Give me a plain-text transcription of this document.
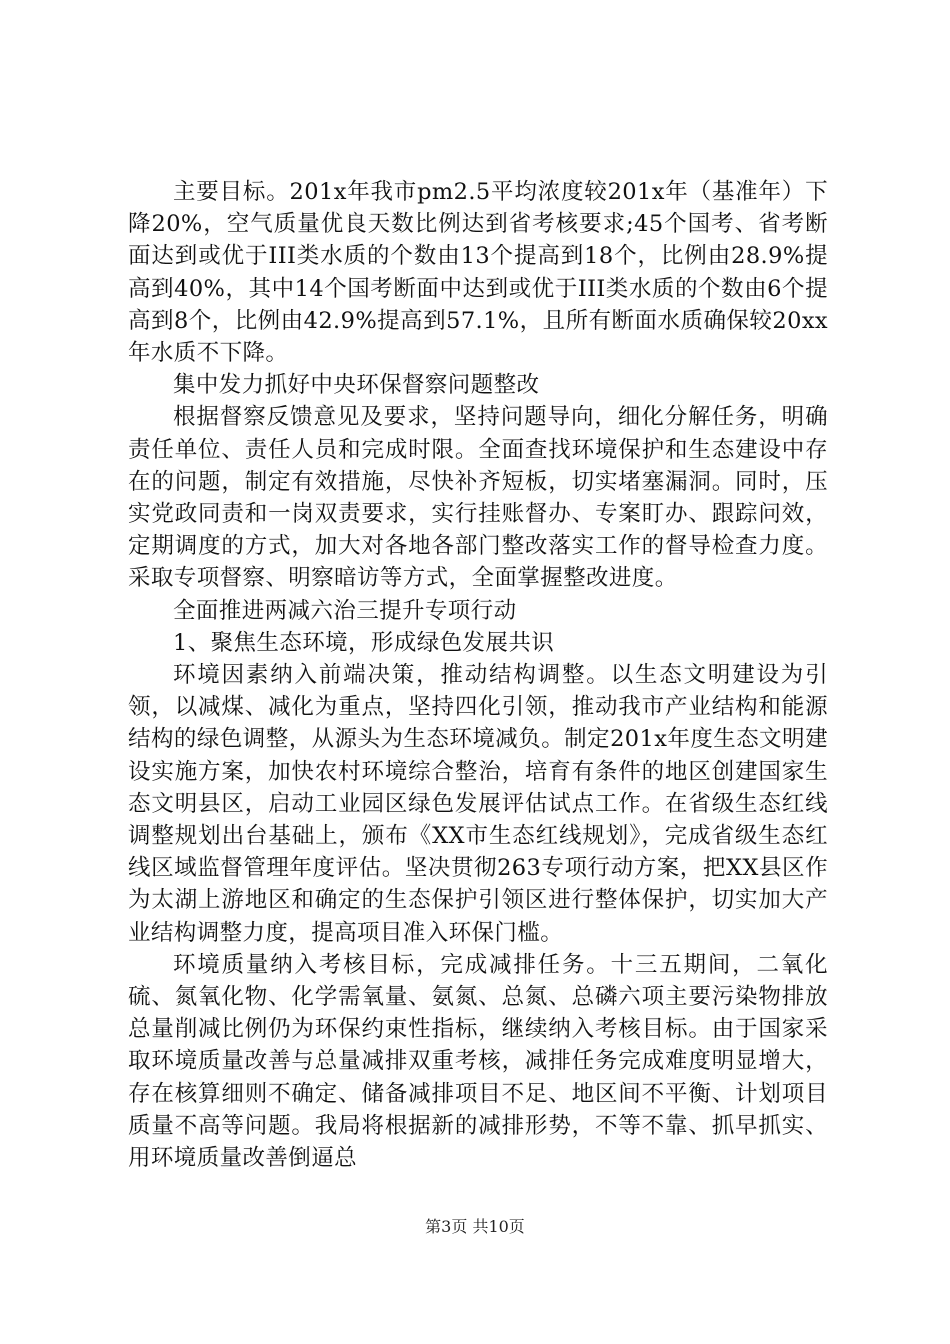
主要目标。201x年我市pm2.5平均浓度较201x年（基准年）下降20%，空气质量优良天数比例达到省考核要求;45个国考、省考断面达到或优于III类水质的个数由13个提高到18个，比例由28.9%提高到40%，其中14个国考断面中达到或优于III类水质的个数由6个提高到8个，比例由42.9%提高到57.1%，且所有断面水质确保较20xx年水质不下降。

集中发力抓好中央环保督察问题整改

根据督察反馈意见及要求，坚持问题导向，细化分解任务，明确责任单位、责任人员和完成时限。全面查找环境保护和生态建设中存在的问题，制定有效措施，尽快补齐短板，切实堵塞漏洞。同时，压实党政同责和一岗双责要求，实行挂账督办、专案盯办、跟踪问效，定期调度的方式，加大对各地各部门整改落实工作的督导检查力度。采取专项督察、明察暗访等方式，全面掌握整改进度。

全面推进两减六治三提升专项行动

1、聚焦生态环境，形成绿色发展共识

环境因素纳入前端决策，推动结构调整。以生态文明建设为引领，以减煤、减化为重点，坚持四化引领，推动我市产业结构和能源结构的绿色调整，从源头为生态环境减负。制定201x年度生态文明建设实施方案，加快农村环境综合整治，培育有条件的地区创建国家生态文明县区，启动工业园区绿色发展评估试点工作。在省级生态红线调整规划出台基础上，颁布《XX市生态红线规划》，完成省级生态红线区域监督管理年度评估。坚决贯彻263专项行动方案，把XX县区作为太湖上游地区和确定的生态保护引领区进行整体保护，切实加大产业结构调整力度，提高项目准入环保门槛。

环境质量纳入考核目标，完成减排任务。十三五期间，二氧化硫、氮氧化物、化学需氧量、氨氮、总氮、总磷六项主要污染物排放总量削减比例仍为环保约束性指标，继续纳入考核目标。由于国家采取环境质量改善与总量减排双重考核，减排任务完成难度明显增大，存在核算细则不确定、储备减排项目不足、地区间不平衡、计划项目质量不高等问题。我局将根据新的减排形势，不等不靠、抓早抓实、用环境质量改善倒逼总

第3页 共10页
